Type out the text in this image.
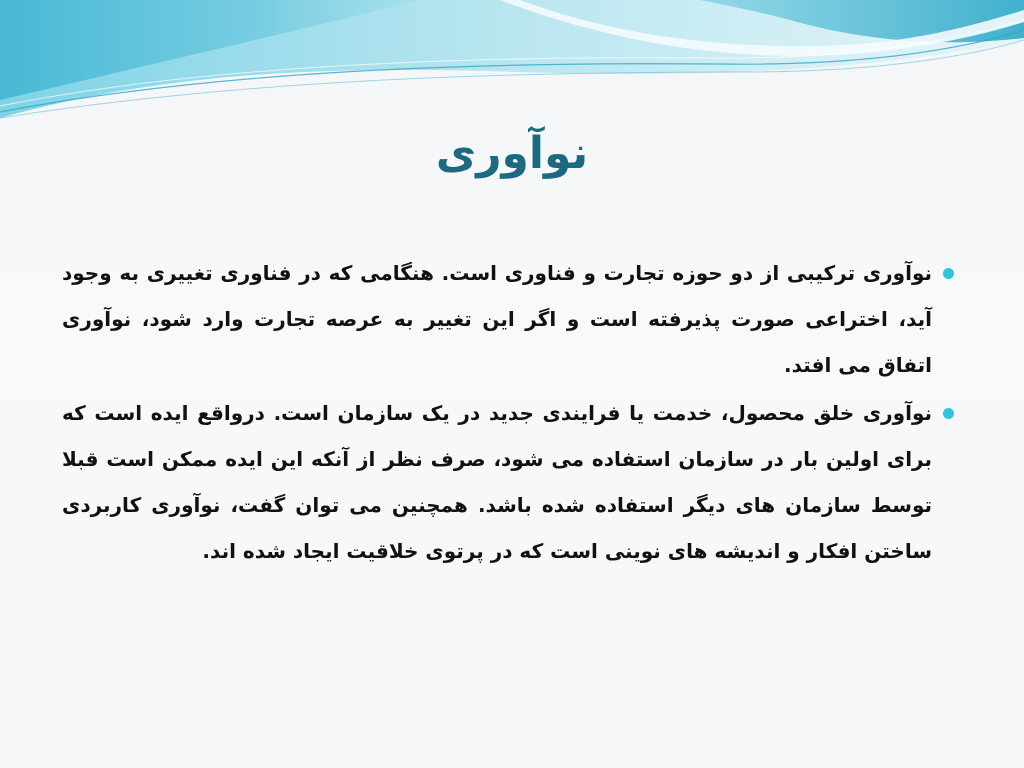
نوآوری
نوآوری ترکیبی از دو حوزه تجارت و فناوری است. هنگامی که در فناوری تغییری به وجود آید، اختراعی صورت پذیرفته است و اگر این تغییر به عرصه تجارت وارد شود، نوآوری اتفاق می افتد.
نوآوری خلق محصول، خدمت یا فرایندی جدید در یک سازمان است. درواقع ایده است که برای اولین بار در سازمان استفاده می شود، صرف نظر از آنکه این ایده ممکن است قبلا توسط سازمان های دیگر استفاده شده باشد. همچنین می توان گفت، نوآوری کاربردی ساختن افکار و اندیشه های نوینی است که در پرتوی خلاقیت ایجاد شده اند.
